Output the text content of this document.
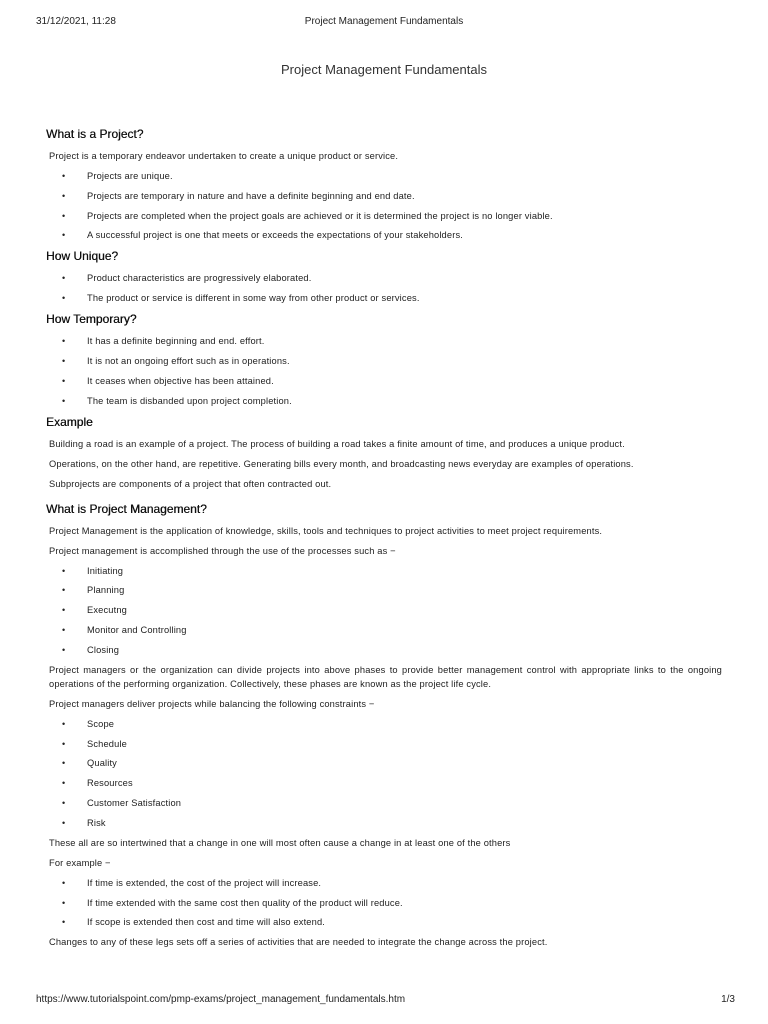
31/12/2021, 11:28	Project Management Fundamentals
Project Management Fundamentals
What is a Project?

Project is a temporary endeavor undertaken to create a unique product or service.

• Projects are unique.
• Projects are temporary in nature and have a definite beginning and end date.
• Projects are completed when the project goals are achieved or it is determined the project is no longer viable.
• A successful project is one that meets or exceeds the expectations of your stakeholders.
How Unique?
• Product characteristics are progressively elaborated.
• The product or service is different in some way from other product or services.
How Temporary?
• It has a definite beginning and end. effort.
• It is not an ongoing effort such as in operations.
• It ceases when objective has been attained.
• The team is disbanded upon project completion.
Example

Building a road is an example of a project. The process of building a road takes a finite amount of time, and produces a unique product.

Operations, on the other hand, are repetitive. Generating bills every month, and broadcasting news everyday are examples of operations.

Subprojects are components of a project that often contracted out.

What is Project Management?

Project Management is the application of knowledge, skills, tools and techniques to project activities to meet project requirements.

Project management is accomplished through the use of the processes such as −

• Initiating
• Planning
• Executng
• Monitor and Controlling
• Closing

Project managers or the organization can divide projects into above phases to provide better management control with appropriate links to the ongoing operations of the performing organization. Collectively, these phases are known as the project life cycle.

Project managers deliver projects while balancing the following constraints −

• Scope
• Schedule
• Quality
• Resources
• Customer Satisfaction
• Risk

These all are so intertwined that a change in one will most often cause a change in at least one of the others

For example −

• If time is extended, the cost of the project will increase.
• If time extended with the same cost then quality of the product will reduce.
• If scope is extended then cost and time will also extend.

Changes to any of these legs sets off a series of activities that are needed to integrate the change across the project.

https://www.tutorialspoint.com/pmp-exams/project_management_fundamentals.htm	1/3
